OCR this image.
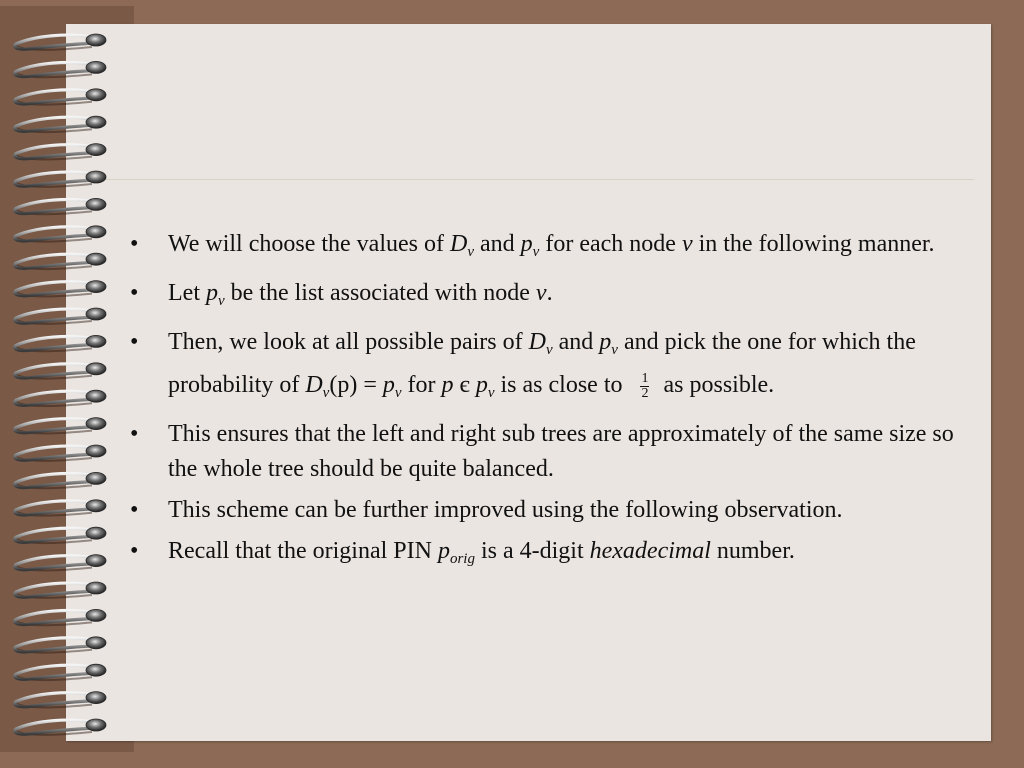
• We will choose the values of $D_v$ and $p_v$ for each node v in the following manner.
• Let $p_v$ be the list associated with node v.
• Then, we look at all possible pairs of $D_v$ and $p_v$ and pick the one for which the probability of $D_v(p) = p_v$ for p є $p_v$ is as close to $\frac{1}{2}$ as possible.
• This ensures that the left and right sub trees are approximately of the same size so the whole tree should be quite balanced.
• This scheme can be further improved using the following observation.
• Recall that the original PIN $p_{orig}$ is a 4-digit hexadecimal number.
